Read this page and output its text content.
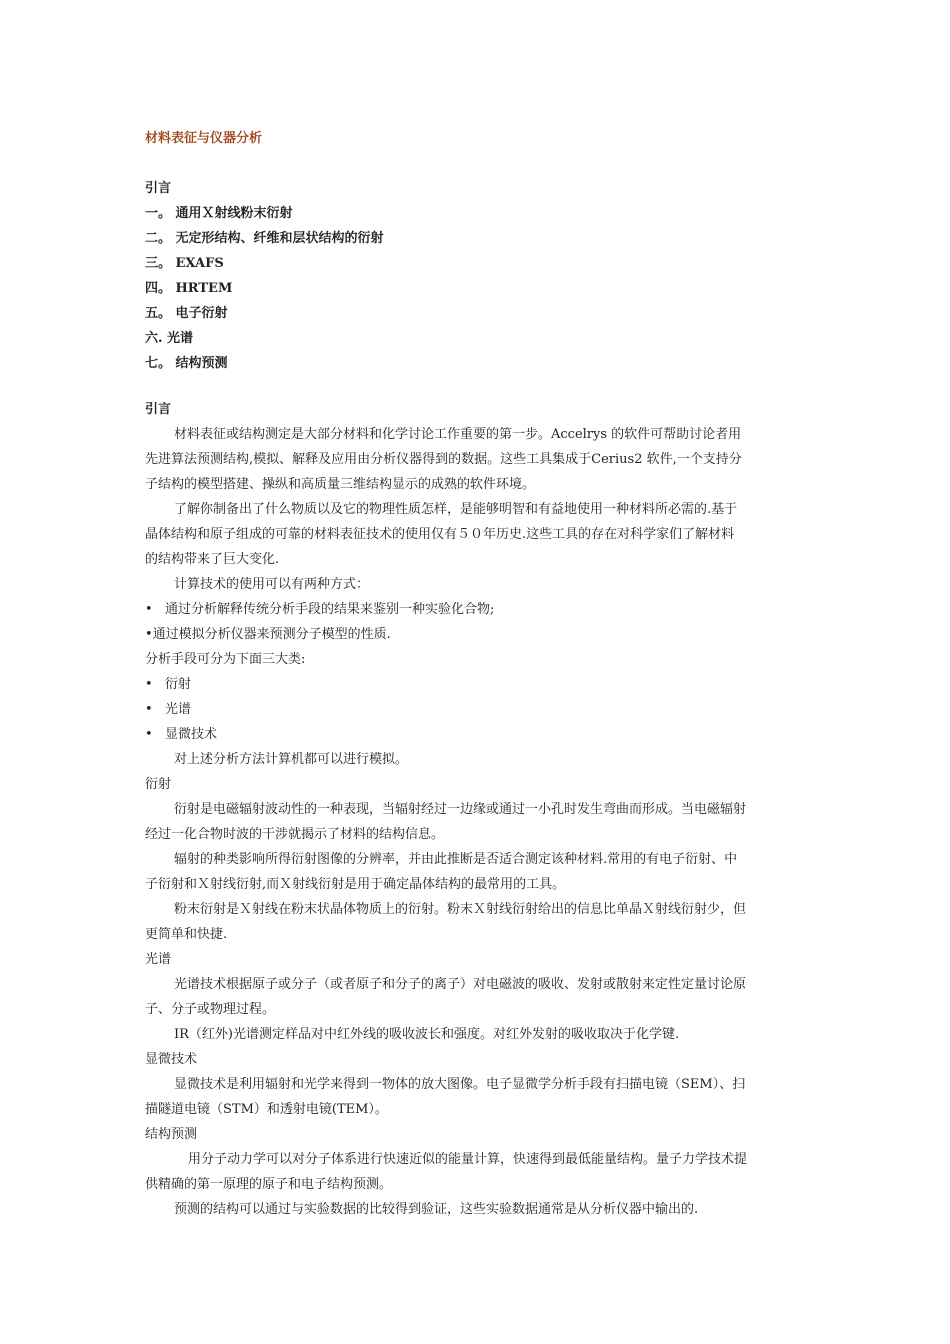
材料表征与仪器分析
引言
一。 通用Ｘ射线粉末衍射
二。 无定形结构、纤维和层状结构的衍射
三。 EXAFS
四。 HRTEM
五。 电子衍射
六. 光谱
七。 结构预测
引言
材料表征或结构测定是大部分材料和化学讨论工作重要的第一步。Accelrys 的软件可帮助讨论者用
先进算法预测结构,模拟、解释及应用由分析仪器得到的数据。这些工具集成于Cerius2 软件,一个支持分
子结构的模型搭建、操纵和高质量三维结构显示的成熟的软件环境。
了解你制备出了什么物质以及它的物理性质怎样，是能够明智和有益地使用一种材料所必需的.基于
晶体结构和原子组成的可靠的材料表征技术的使用仅有５０年历史.这些工具的存在对科学家们了解材料
的结构带来了巨大变化.
计算技术的使用可以有两种方式：
• 通过分析解释传统分析手段的结果来鉴别一种实验化合物;
•通过模拟分析仪器来预测分子模型的性质.
分析手段可分为下面三大类:
• 衍射
• 光谱
• 显微技术
对上述分析方法计算机都可以进行模拟。
衍射
衍射是电磁辐射波动性的一种表现，当辐射经过一边缘或通过一小孔时发生弯曲而形成。当电磁辐射
经过一化合物时波的干涉就揭示了材料的结构信息。
辐射的种类影响所得衍射图像的分辨率，并由此推断是否适合测定该种材料.常用的有电子衍射、中
子衍射和Ｘ射线衍射,而Ｘ射线衍射是用于确定晶体结构的最常用的工具。
粉末衍射是Ｘ射线在粉末状晶体物质上的衍射。粉末Ｘ射线衍射给出的信息比单晶Ｘ射线衍射少，但
更简单和快捷.
光谱
光谱技术根据原子或分子（或者原子和分子的离子）对电磁波的吸收、发射或散射来定性定量讨论原
子、分子或物理过程。
IR（红外)光谱测定样品对中红外线的吸收波长和强度。对红外发射的吸收取决于化学键.
显微技术
显微技术是利用辐射和光学来得到一物体的放大图像。电子显微学分析手段有扫描电镜（SEM）、扫
描隧道电镜（STM）和透射电镜(TEM）。
结构预测
用分子动力学可以对分子体系进行快速近似的能量计算，快速得到最低能量结构。量子力学技术提
供精确的第一原理的原子和电子结构预测。
预测的结构可以通过与实验数据的比较得到验证，这些实验数据通常是从分析仪器中输出的.
